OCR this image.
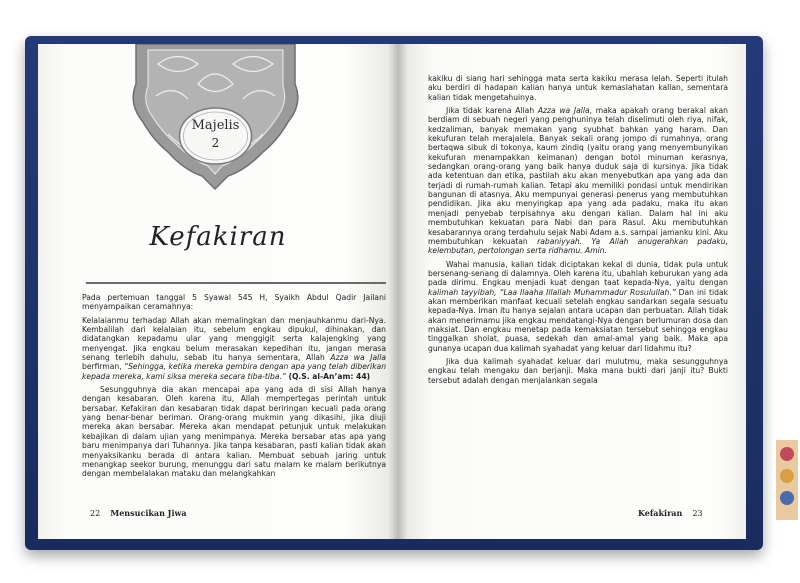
Majelis
2
Kefakiran

Pada pertemuan tanggal 5 Syawal 545 H, Syaikh Abdul Qadir Jailani menyampaikan ceramahnya:

Kelalaianmu terhadap Allah akan memalingkan dan menjauhkanmu dari-Nya. Kembalilah dari kelalaian itu, sebelum engkau dipukul, dihinakan, dan didatangkan kepadamu ular yang menggigit serta kalajengking yang menyengat. Jika engkau belum merasakan kepedihan itu, jangan merasa senang terlebih dahulu, sebab itu hanya sementara, Allah Azza wa Jalla berfirman, “Sehingga, ketika mereka gembira dengan apa yang telah diberikan kepada mereka, kami siksa mereka secara tiba-tiba.” (Q.S. al-An’am: 44)

Sesungguhnya dia akan mencapai apa yang ada di sisi Allah hanya dengan kesabaran. Oleh karena itu, Allah mempertegas perintah untuk bersabar. Kefakiran dan kesabaran tidak dapat beriringan kecuali pada orang yang benar-benar beriman. Orang-orang mukmin yang dikasihi, jika diuji mereka akan bersabar. Mereka akan mendapat petunjuk untuk melakukan kebajikan di dalam ujian yang menimpanya. Mereka bersabar atas apa yang baru menimpanya dari Tuhannya. Jika tanpa kesabaran, pasti kalian tidak akan menyaksikanku berada di antara kalian. Membuat sebuah jaring untuk menangkap seekor burung, menunggu dari satu malam ke malam berikutnya dengan membelalakan mataku dan melangkahkan

22 Mensucikan Jiwa

kakiku di siang hari sehingga mata serta kakiku merasa lelah. Seperti itulah aku berdiri di hadapan kalian hanya untuk kemaslahatan kalian, sementara kalian tidak mengetahuinya.

Jika tidak karena Allah Azza wa Jalla, maka apakah orang berakal akan berdiam di sebuah negeri yang penghuninya telah diselimuti oleh riya, nifak, kedzaliman, banyak memakan yang syubhat bahkan yang haram. Dan kekufuran telah merajalela. Banyak sekali orang jompo di rumahnya, orang bertaqwa sibuk di tokonya, kaum zindiq (yaitu orang yang menyembunyikan kekufuran menampakkan keimanan) dengan botol minuman kerasnya, sedangkan orang-orang yang baik hanya duduk saja di kursinya. Jika tidak ada ketentuan dan etika, pastilah aku akan menyebutkan apa yang ada dan terjadi di rumah-rumah kalian. Tetapi aku memiliki pondasi untuk mendirikan bangunan di atasnya. Aku mempunyai generasi penerus yang membutuhkan pendidikan. Jika aku menyingkap apa yang ada padaku, maka itu akan menjadi penyebab terpisahnya aku dengan kalian. Dalam hal ini aku membutuhkan kekuatan para Nabi dan para Rasul. Aku membutuhkan kesabarannya orang terdahulu sejak Nabi Adam a.s. sampai jamanku kini. Aku membutuhkan kekuatan rabaniyyah. Ya Allah anugerahkan padaku, kelembutan, pertolongan serta ridhamu. Amin.

Wahai manusia, kalian tidak diciptakan kekal di dunia, tidak pula untuk bersenang-senang di dalamnya. Oleh karena itu, ubahlah keburukan yang ada pada dirimu. Engkau menjadi kuat dengan taat kepada-Nya, yaitu dengan kalimah tayyibah, “Laa Ilaaha Illallah Muhammadur Rosulullah.” Dan ini tidak akan memberikan manfaat kecuali setelah engkau sandarkan segala sesuatu kepada-Nya. Iman itu hanya sejalan antara ucapan dan perbuatan. Allah tidak akan menerimamu jika engkau mendatangi-Nya dengan berlumuran dosa dan maksiat. Dan engkau menetap pada kemaksiatan tersebut sehingga engkau tinggalkan sholat, puasa, sedekah dan amal-amal yang baik. Maka apa gunanya ucapan dua kalimah syahadat yang keluar dari lidahmu itu?

Jika dua kalimah syahadat keluar dari mulutmu, maka sesungguhnya engkau telah mengaku dan berjanji. Maka mana bukti dari janji itu? Bukti tersebut adalah dengan menjalankan segala

Kefakiran 23
